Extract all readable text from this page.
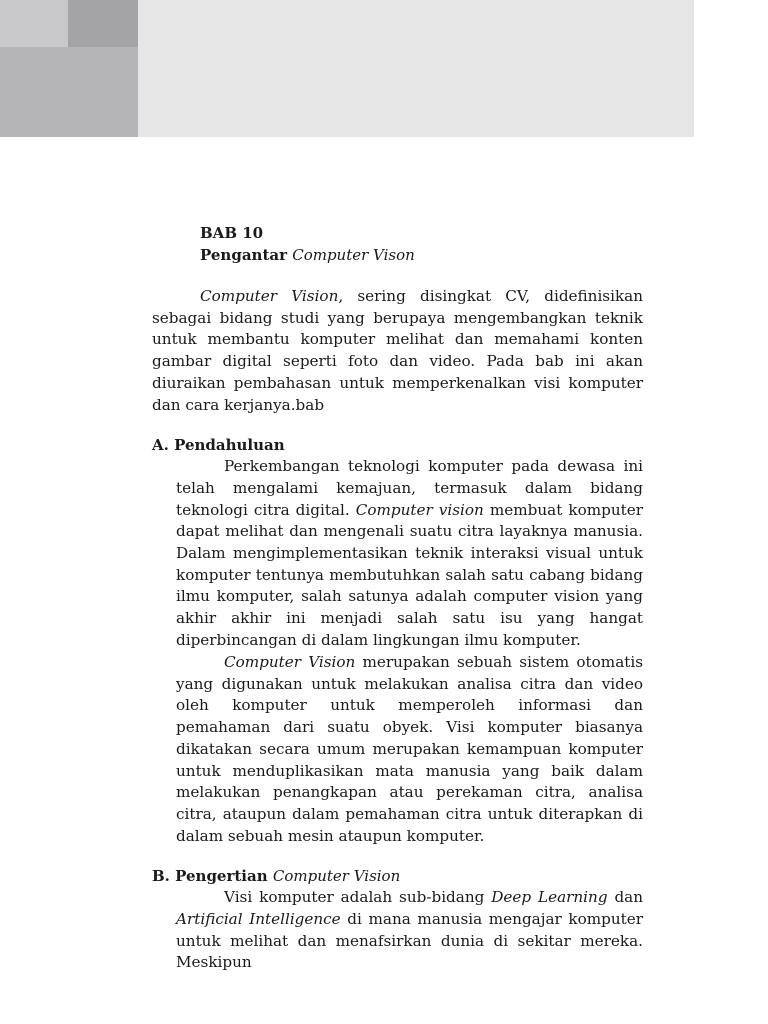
BAB 10
Pengantar Computer Vison

Computer Vision, sering disingkat CV, didefinisikan sebagai bidang studi yang berupaya mengembangkan teknik untuk membantu komputer melihat dan memahami konten gambar digital seperti foto dan video. Pada bab ini akan diuraikan pembahasan untuk memperkenalkan visi komputer dan cara kerjanya.bab

A. Pendahuluan

Perkembangan teknologi komputer pada dewasa ini telah mengalami kemajuan, termasuk dalam bidang teknologi citra digital. Computer vision membuat komputer dapat melihat dan mengenali suatu citra layaknya manusia. Dalam mengimplementasikan teknik interaksi visual untuk komputer tentunya membutuhkan salah satu cabang bidang ilmu komputer, salah satunya adalah computer vision yang akhir akhir ini menjadi salah satu isu yang hangat diperbincangan di dalam lingkungan ilmu komputer.

Computer Vision merupakan sebuah sistem otomatis yang digunakan untuk melakukan analisa citra dan video oleh komputer untuk memperoleh informasi dan pemahaman dari suatu obyek. Visi komputer biasanya dikatakan secara umum merupakan kemampuan komputer untuk menduplikasikan mata manusia yang baik dalam melakukan penangkapan atau perekaman citra, analisa citra, ataupun dalam pemahaman citra untuk diterapkan di dalam sebuah mesin ataupun komputer.

B. Pengertian Computer Vision

Visi komputer adalah sub-bidang Deep Learning dan Artificial Intelligence di mana manusia mengajar komputer untuk melihat dan menafsirkan dunia di sekitar mereka. Meskipun
